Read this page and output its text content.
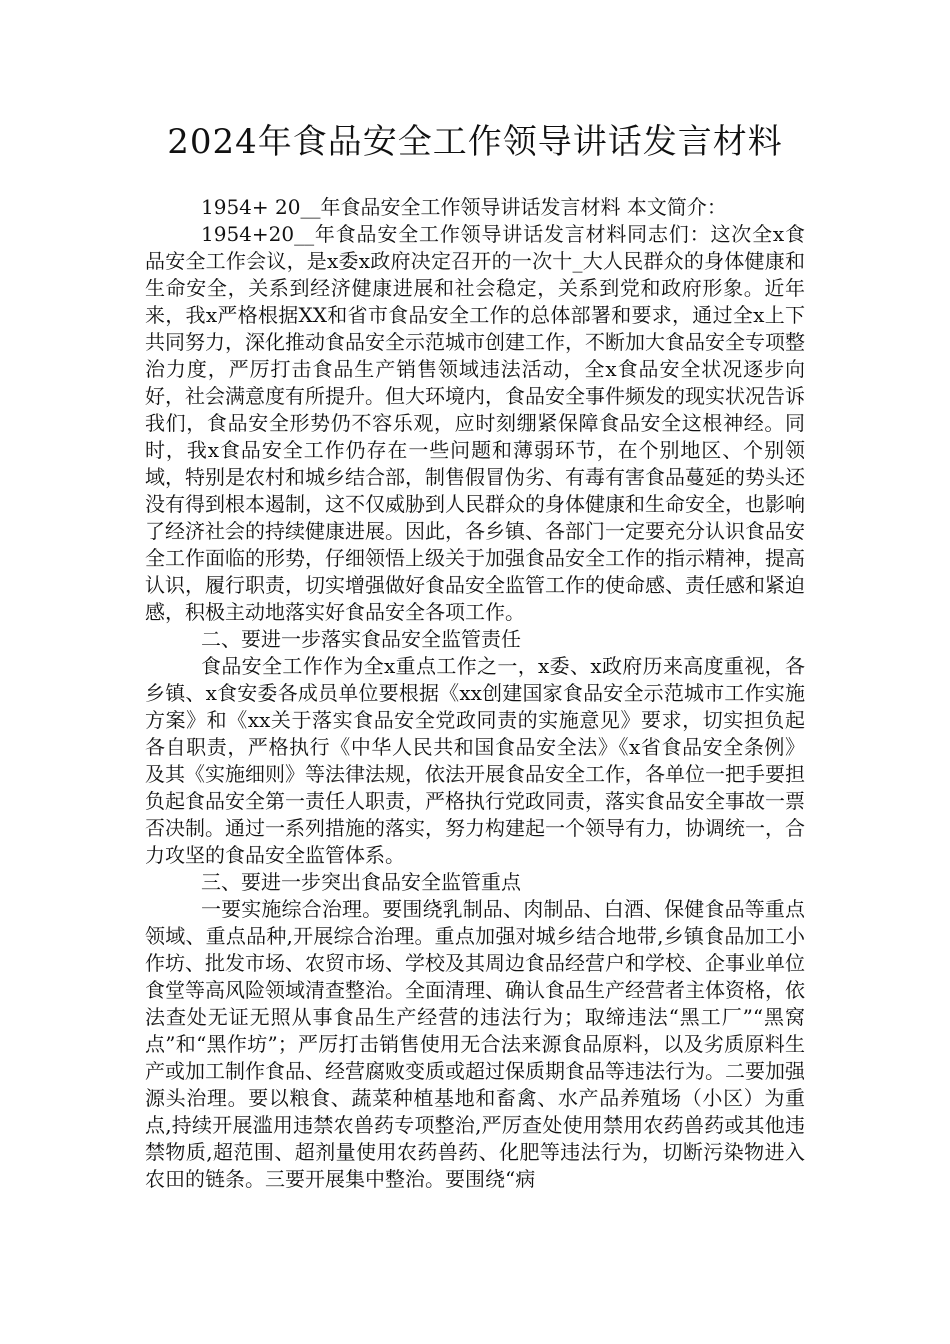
2024年食品安全工作领导讲话发言材料

1954+ 20__年食品安全工作领导讲话发言材料 本文简介：

1954+20__年食品安全工作领导讲话发言材料同志们：这次全x食品安全工作会议，是x委x政府决定召开的一次十_大人民群众的身体健康和生命安全，关系到经济健康进展和社会稳定，关系到党和政府形象。近年来，我x严格根据XX和省市食品安全工作的总体部署和要求，通过全x上下共同努力，深化推动食品安全示范城市创建工作，不断加大食品安全专项整治力度，严厉打击食品生产销售领域违法活动，全x食品安全状况逐步向好，社会满意度有所提升。但大环境内，食品安全事件频发的现实状况告诉我们，食品安全形势仍不容乐观，应时刻绷紧保障食品安全这根神经。同时，我x食品安全工作仍存在一些问题和薄弱环节，在个别地区、个别领域，特别是农村和城乡结合部，制售假冒伪劣、有毒有害食品蔓延的势头还没有得到根本遏制，这不仅威胁到人民群众的身体健康和生命安全，也影响了经济社会的持续健康进展。因此，各乡镇、各部门一定要充分认识食品安全工作面临的形势，仔细领悟上级关于加强食品安全工作的指示精神，提高认识，履行职责，切实增强做好食品安全监管工作的使命感、责任感和紧迫感，积极主动地落实好食品安全各项工作。

二、要进一步落实食品安全监管责任

食品安全工作作为全x重点工作之一，x委、x政府历来高度重视，各乡镇、x食安委各成员单位要根据《xx创建国家食品安全示范城市工作实施方案》和《xx关于落实食品安全党政同责的实施意见》要求，切实担负起各自职责，严格执行《中华人民共和国食品安全法》《x省食品安全条例》及其《实施细则》等法律法规，依法开展食品安全工作，各单位一把手要担负起食品安全第一责任人职责，严格执行党政同责，落实食品安全事故一票否决制。通过一系列措施的落实，努力构建起一个领导有力，协调统一，合力攻坚的食品安全监管体系。

三、要进一步突出食品安全监管重点

一要实施综合治理。要围绕乳制品、肉制品、白酒、保健食品等重点领域、重点品种,开展综合治理。重点加强对城乡结合地带,乡镇食品加工小作坊、批发市场、农贸市场、学校及其周边食品经营户和学校、企事业单位食堂等高风险领域清查整治。全面清理、确认食品生产经营者主体资格，依法查处无证无照从事食品生产经营的违法行为；取缔违法“黑工厂”“黑窝点”和“黑作坊”；严厉打击销售使用无合法来源食品原料，以及劣质原料生产或加工制作食品、经营腐败变质或超过保质期食品等违法行为。二要加强源头治理。要以粮食、蔬菜种植基地和畜禽、水产品养殖场（小区）为重点,持续开展滥用违禁农兽药专项整治,严厉查处使用禁用农药兽药或其他违禁物质,超范围、超剂量使用农药兽药、化肥等违法行为，切断污染物进入农田的链条。三要开展集中整治。要围绕“病
